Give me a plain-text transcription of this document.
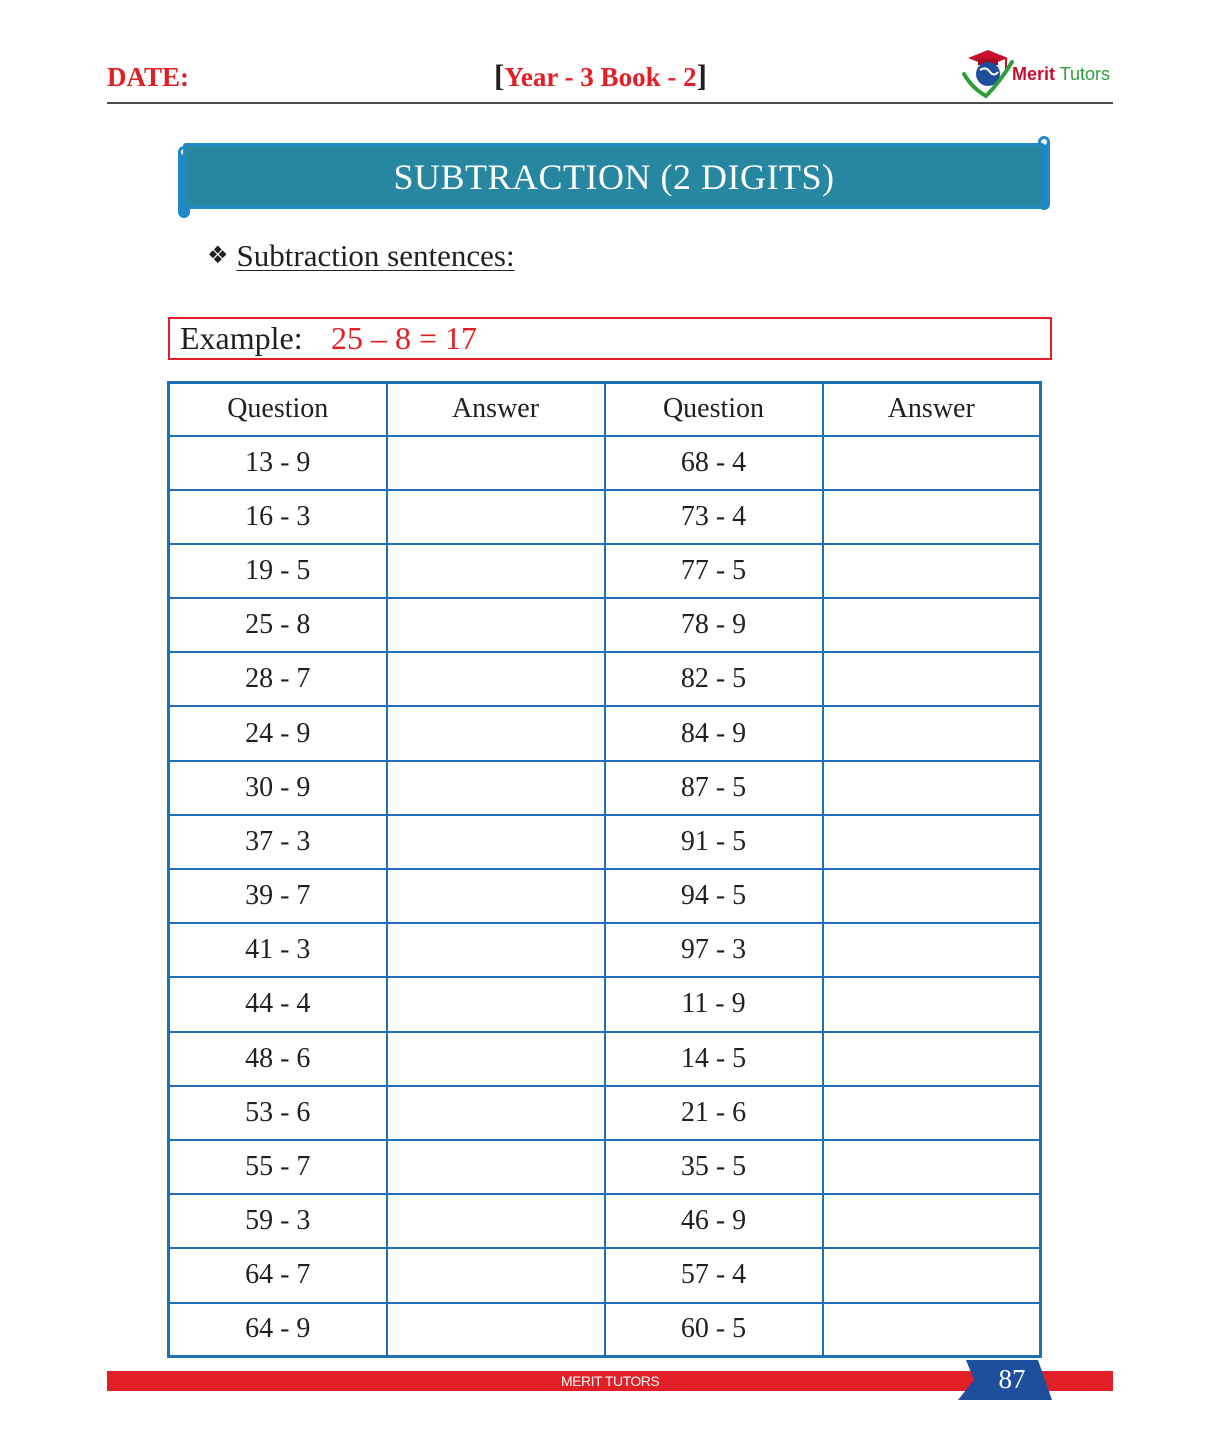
DATE:	[Year - 3 Book - 2]	Merit Tutors
SUBTRACTION (2 DIGITS)
❖ Subtraction sentences:
Example: 25 – 8 = 17
Question	Answer	Question	Answer
13 - 9		68 - 4	
16 - 3		73 - 4	
19 - 5		77 - 5	
25 - 8		78 - 9	
28 - 7		82 - 5	
24 - 9		84 - 9	
30 - 9		87 - 5	
37 - 3		91 - 5	
39 - 7		94 - 5	
41 - 3		97 - 3	
44 - 4		11 - 9	
48 - 6		14 - 5	
53 - 6		21 - 6	
55 - 7		35 - 5	
59 - 3		46 - 9	
64 - 7		57 - 4	
64 - 9		60 - 5	
MERIT TUTORS	87
